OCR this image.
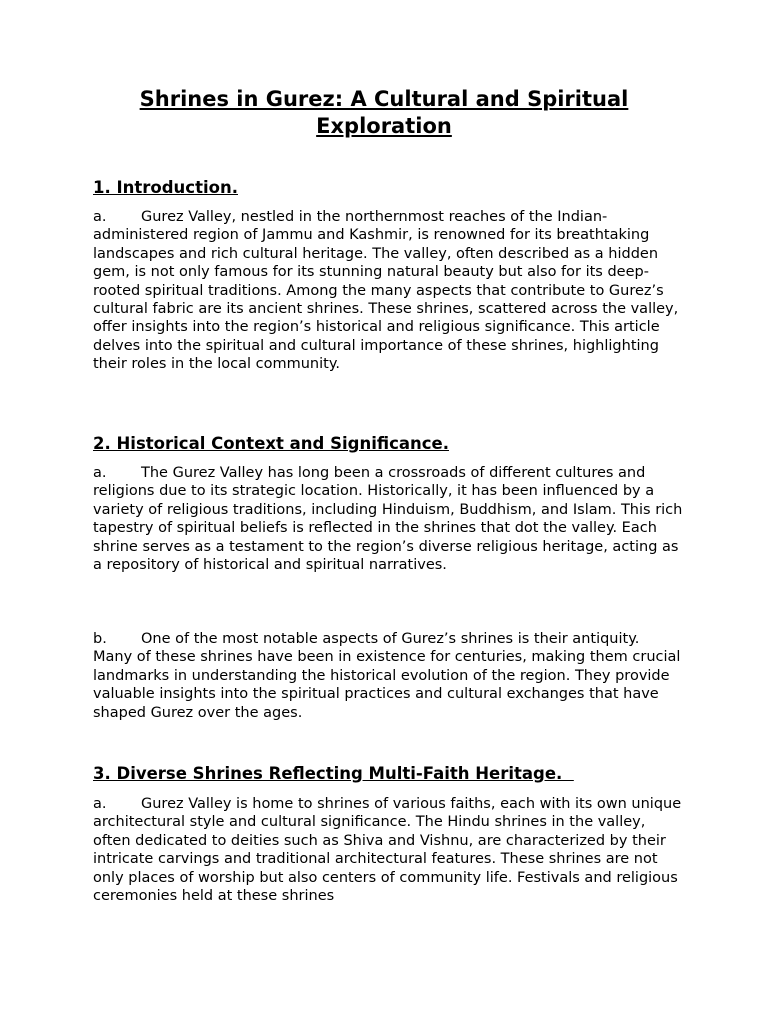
Shrines in Gurez: A Cultural and Spiritual Exploration
1. Introduction.

a. Gurez Valley, nestled in the northernmost reaches of the Indian-administered region of Jammu and Kashmir, is renowned for its breathtaking landscapes and rich cultural heritage. The valley, often described as a hidden gem, is not only famous for its stunning natural beauty but also for its deep-rooted spiritual traditions. Among the many aspects that contribute to Gurez’s cultural fabric are its ancient shrines. These shrines, scattered across the valley, offer insights into the region’s historical and religious significance. This article delves into the spiritual and cultural importance of these shrines, highlighting their roles in the local community.

2. Historical Context and Significance.

a. The Gurez Valley has long been a crossroads of different cultures and religions due to its strategic location. Historically, it has been influenced by a variety of religious traditions, including Hinduism, Buddhism, and Islam. This rich tapestry of spiritual beliefs is reflected in the shrines that dot the valley. Each shrine serves as a testament to the region’s diverse religious heritage, acting as a repository of historical and spiritual narratives.

b. One of the most notable aspects of Gurez’s shrines is their antiquity. Many of these shrines have been in existence for centuries, making them crucial landmarks in understanding the historical evolution of the region. They provide valuable insights into the spiritual practices and cultural exchanges that have shaped Gurez over the ages.

3. Diverse Shrines Reflecting Multi-Faith Heritage.

a. Gurez Valley is home to shrines of various faiths, each with its own unique architectural style and cultural significance. The Hindu shrines in the valley, often dedicated to deities such as Shiva and Vishnu, are characterized by their intricate carvings and traditional architectural features. These shrines are not only places of worship but also centers of community life. Festivals and religious ceremonies held at these shrines
